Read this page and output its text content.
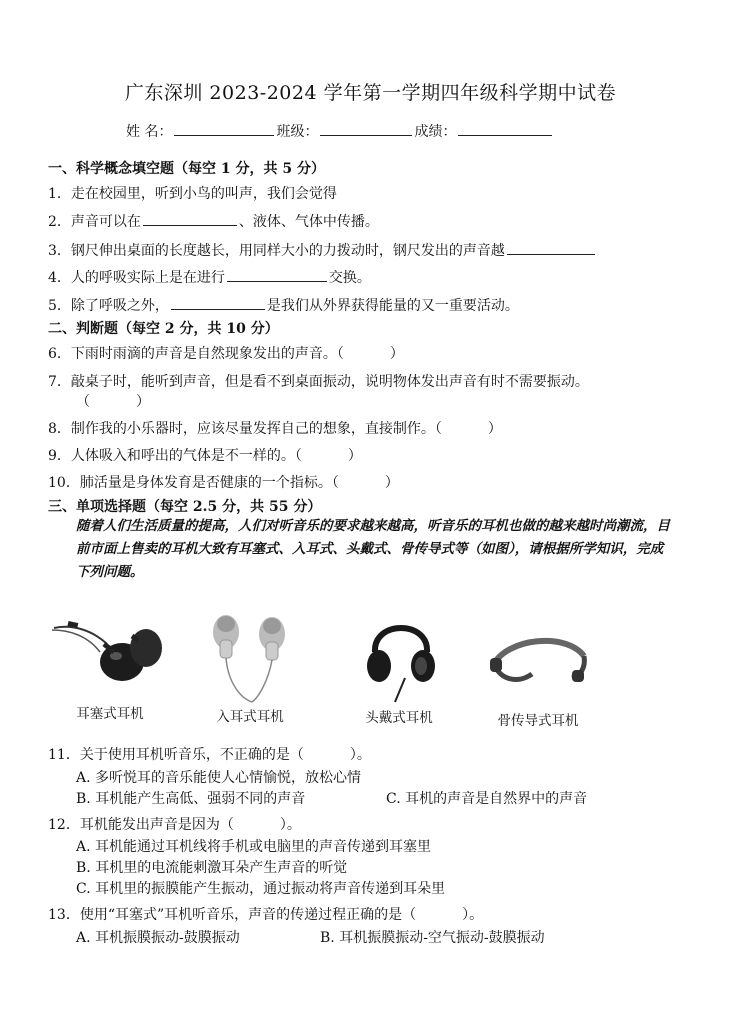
广东深圳 2023-2024 学年第一学期四年级科学期中试卷
姓 名：	班级：	成绩：
一、科学概念填空题（每空 1 分，共 5 分）
1．走在校园里，听到小鸟的叫声，我们会觉得
2．声音可以在	、液体、气体中传播。
3．钢尺伸出桌面的长度越长，用同样大小的力拨动时，钢尺发出的声音越
4．人的呼吸实际上是在进行	交换。
5．除了呼吸之外，	是我们从外界获得能量的又一重要活动。
二、判断题（每空 2 分，共 10 分）
6．下雨时雨滴的声音是自然现象发出的声音。（	）
7．敲桌子时，能听到声音，但是看不到桌面振动，说明物体发出声音有时不需要振动。
（	）
8．制作我的小乐器时，应该尽量发挥自己的想象，直接制作。（	）
9．人体吸入和呼出的气体是不一样的。（	）
10．肺活量是身体发育是否健康的一个指标。（	）
三、单项选择题（每空 2.5 分，共 55 分）
随着人们生活质量的提高，人们对听音乐的要求越来越高，听音乐的耳机也做的越来越时尚潮流，目前市面上售卖的耳机大致有耳塞式、入耳式、头戴式、骨传导式等（如图），请根据所学知识，完成下列问题。
耳塞式耳机	入耳式耳机	头戴式耳机	骨传导式耳机
11．关于使用耳机听音乐，不正确的是（	）。
A. 多听悦耳的音乐能使人心情愉悦，放松心情
B. 耳机能产生高低、强弱不同的声音	C. 耳机的声音是自然界中的声音
12．耳机能发出声音是因为（	）。
A. 耳机能通过耳机线将手机或电脑里的声音传递到耳塞里
B. 耳机里的电流能刺激耳朵产生声音的听觉
C. 耳机里的振膜能产生振动，通过振动将声音传递到耳朵里
13．使用“耳塞式”耳机听音乐，声音的传递过程正确的是（	）。
A. 耳机振膜振动-鼓膜振动	B. 耳机振膜振动-空气振动-鼓膜振动
